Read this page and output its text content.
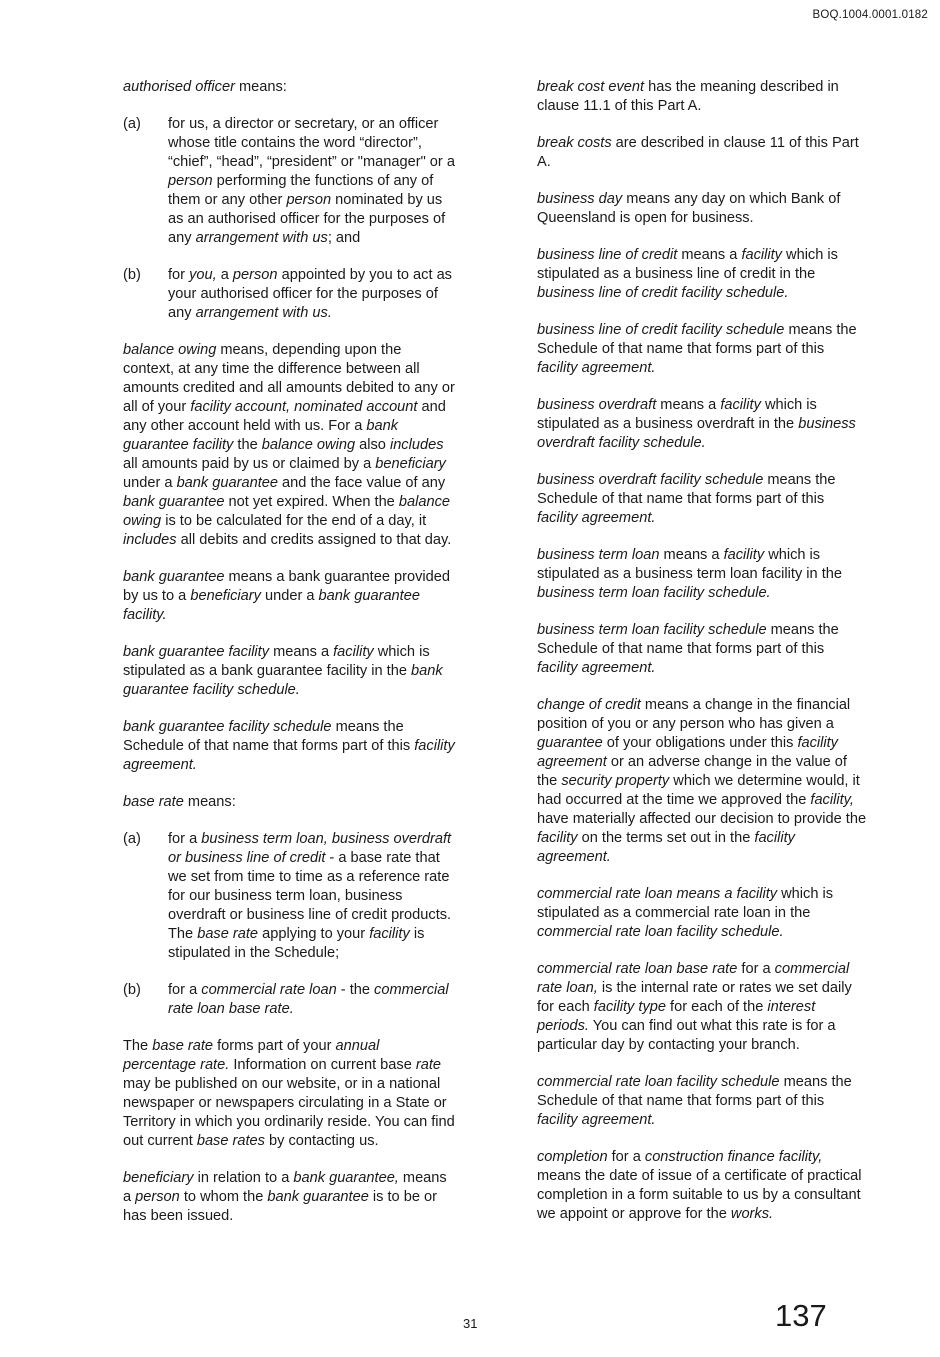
BOQ.1004.0001.0182

authorised officer means:

(a) for us, a director or secretary, or an officer whose title contains the word “director”, “chief”, “head”, “president” or "manager" or a person performing the functions of any of them or any other person nominated by us as an authorised officer for the purposes of any arrangement with us; and
(b) for you, a person appointed by you to act as your authorised officer for the purposes of any arrangement with us.

balance owing means, depending upon the context, at any time the difference between all amounts credited and all amounts debited to any or all of your facility account, nominated account and any other account held with us. For a bank guarantee facility the balance owing also includes all amounts paid by us or claimed by a beneficiary under a bank guarantee and the face value of any bank guarantee not yet expired. When the balance owing is to be calculated for the end of a day, it includes all debits and credits assigned to that day.

bank guarantee means a bank guarantee provided by us to a beneficiary under a bank guarantee facility.

bank guarantee facility means a facility which is stipulated as a bank guarantee facility in the bank guarantee facility schedule.

bank guarantee facility schedule means the Schedule of that name that forms part of this facility agreement.

base rate means:

(a) for a business term loan, business overdraft or business line of credit - a base rate that we set from time to time as a reference rate for our business term loan, business overdraft or business line of credit products. The base rate applying to your facility is stipulated in the Schedule;
(b) for a commercial rate loan - the commercial rate loan base rate.

The base rate forms part of your annual percentage rate. Information on current base rate may be published on our website, or in a national newspaper or newspapers circulating in a State or Territory in which you ordinarily reside. You can find out current base rates by contacting us.

beneficiary in relation to a bank guarantee, means a person to whom the bank guarantee is to be or has been issued.

break cost event has the meaning described in clause 11.1 of this Part A.

break costs are described in clause 11 of this Part A.

business day means any day on which Bank of Queensland is open for business.

business line of credit means a facility which is stipulated as a business line of credit in the business line of credit facility schedule.

business line of credit facility schedule means the Schedule of that name that forms part of this facility agreement.

business overdraft means a facility which is stipulated as a business overdraft in the business overdraft facility schedule.

business overdraft facility schedule means the Schedule of that name that forms part of this facility agreement.

business term loan means a facility which is stipulated as a business term loan facility in the business term loan facility schedule.

business term loan facility schedule means the Schedule of that name that forms part of this facility agreement.

change of credit means a change in the financial position of you or any person who has given a guarantee of your obligations under this facility agreement or an adverse change in the value of the security property which we determine would, it had occurred at the time we approved the facility, have materially affected our decision to provide the facility on the terms set out in the facility agreement.

commercial rate loan means a facility which is stipulated as a commercial rate loan in the commercial rate loan facility schedule.

commercial rate loan base rate for a commercial rate loan, is the internal rate or rates we set daily for each facility type for each of the interest periods. You can find out what this rate is for a particular day by contacting your branch.

commercial rate loan facility schedule means the Schedule of that name that forms part of this facility agreement.

completion for a construction finance facility, means the date of issue of a certificate of practical completion in a form suitable to us by a consultant we appoint or approve for the works.

31	137
